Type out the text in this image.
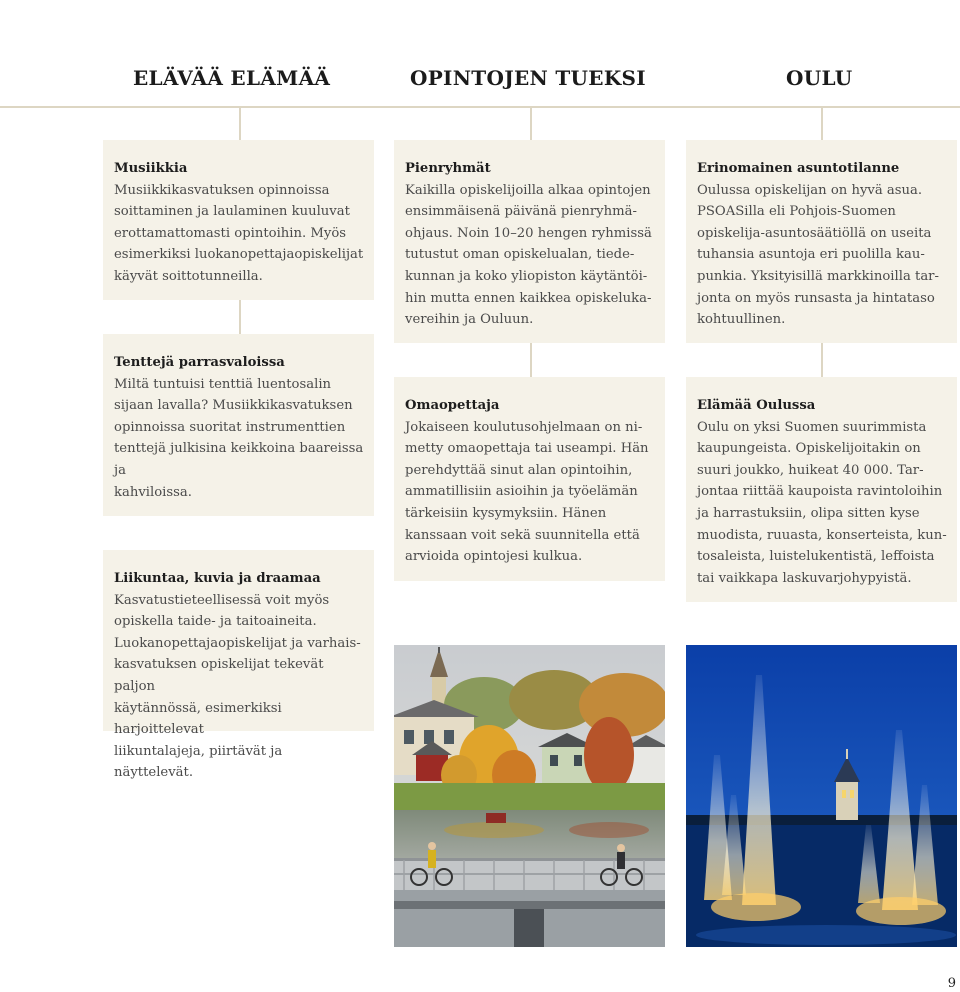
ELÄVÄÄ ELÄMÄÄ	OPINTOJEN TUEKSI	OULU
Musiikkia
Musiikkikasvatuksen opinnoissa
soittaminen ja laulaminen kuuluvat
erottamattomasti opintoihin. Myös
esimerkiksi luokanopettajaopiskelijat
käyvät soittotunneilla.
Tenttejä parrasvaloissa
Miltä tuntuisi tenttiä luentosalin
sijaan lavalla? Musiikkikasvatuksen
opinnoissa suoritat instrumenttien
tenttejä julkisina keikkoina baareissa ja
kahviloissa.
Liikuntaa, kuvia ja draamaa
Kasvatustieteellisessä voit myös
opiskella taide- ja taitoaineita.
Luokanopettajaopiskelijat ja varhais-
kasvatuksen opiskelijat tekevät paljon
käytännössä, esimerkiksi harjoittelevat
liikuntalajeja, piirtävät ja näyttelevät.
Pienryhmät
Kaikilla opiskelijoilla alkaa opintojen
ensimmäisenä päivänä pienryhmä-
ohjaus. Noin 10–20 hengen ryhmissä
tutustut oman opiskelualan, tiede-
kunnan ja koko yliopiston käytäntöi-
hin mutta ennen kaikkea opiskeluka-
vereihin ja Ouluun.
Omaopettaja
Jokaiseen koulutusohjelmaan on ni-
metty omaopettaja tai useampi. Hän
perehdyttää sinut alan opintoihin,
ammatillisiin asioihin ja työelämän
tärkeisiin kysymyksiin. Hänen
kanssaan voit sekä suunnitella että
arvioida opintojesi kulkua.
Erinomainen asuntotilanne
Oulussa opiskelijan on hyvä asua.
PSOASilla eli Pohjois-Suomen
opiskelija-asuntosäätiöllä on useita
tuhansia asuntoja eri puolilla kau-
punkia. Yksityisillä markkinoilla tar-
jonta on myös runsasta ja hintataso
kohtuullinen.
Elämää Oulussa
Oulu on yksi Suomen suurimmista
kaupungeista. Opiskelijoitakin on
suuri joukko, huikeat 40 000. Tar-
jontaa riittää kaupoista ravintoloihin
ja harrastuksiin, olipa sitten kyse
muodista, ruuasta, konserteista, kun-
tosaleista, luistelukentistä, leffoista
tai vaikkapa laskuvarjohypyistä.
9
